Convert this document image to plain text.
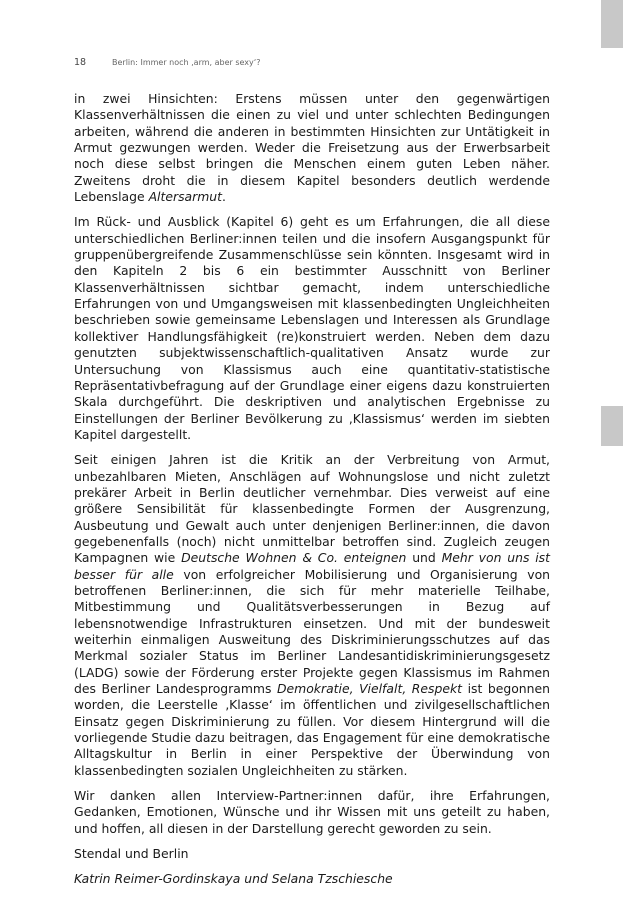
18	Berlin: Immer noch ‚arm, aber sexy‘?

in zwei Hinsichten: Erstens müssen unter den gegenwärtigen Klassenverhältnissen die einen zu viel und unter schlechten Bedingungen arbeiten, während die anderen in bestimmten Hinsichten zur Untätigkeit in Armut gezwungen werden. Weder die Freisetzung aus der Erwerbsarbeit noch diese selbst bringen die Menschen einem guten Leben näher. Zweitens droht die in diesem Kapitel besonders deutlich werdende Lebenslage Altersarmut.

Im Rück- und Ausblick (Kapitel 6) geht es um Erfahrungen, die all diese unterschiedlichen Berliner:innen teilen und die insofern Ausgangspunkt für gruppenübergreifende Zusammenschlüsse sein könnten. Insgesamt wird in den Kapiteln 2 bis 6 ein bestimmter Ausschnitt von Berliner Klassenverhältnissen sichtbar gemacht, indem unterschiedliche Erfahrungen von und Umgangsweisen mit klassenbedingten Ungleichheiten beschrieben sowie gemeinsame Lebenslagen und Interessen als Grundlage kollektiver Handlungsfähigkeit (re)konstruiert werden. Neben dem dazu genutzten subjektwissenschaftlich-qualitativen Ansatz wurde zur Untersuchung von Klassismus auch eine quantitativ-statistische Repräsentativbefragung auf der Grundlage einer eigens dazu konstruierten Skala durchgeführt. Die deskriptiven und analytischen Ergebnisse zu Einstellungen der Berliner Bevölkerung zu ‚Klassismus‘ werden im siebten Kapitel dargestellt.

Seit einigen Jahren ist die Kritik an der Verbreitung von Armut, unbezahlbaren Mieten, Anschlägen auf Wohnungslose und nicht zuletzt prekärer Arbeit in Berlin deutlicher vernehmbar. Dies verweist auf eine größere Sensibilität für klassenbedingte Formen der Ausgrenzung, Ausbeutung und Gewalt auch unter denjenigen Berliner:innen, die davon gegebenenfalls (noch) nicht unmittelbar betroffen sind. Zugleich zeugen Kampagnen wie Deutsche Wohnen & Co. enteignen und Mehr von uns ist besser für alle von erfolgreicher Mobilisierung und Organisierung von betroffenen Berliner:innen, die sich für mehr materielle Teilhabe, Mitbestimmung und Qualitätsverbesserungen in Bezug auf lebensnotwendige Infrastrukturen einsetzen. Und mit der bundesweit weiterhin einmaligen Ausweitung des Diskriminierungsschutzes auf das Merkmal sozialer Status im Berliner Landesantidiskriminierungsgesetz (LADG) sowie der Förderung erster Projekte gegen Klassismus im Rahmen des Berliner Landesprogramms Demokratie, Vielfalt, Respekt ist begonnen worden, die Leerstelle ‚Klasse‘ im öffentlichen und zivilgesellschaftlichen Einsatz gegen Diskriminierung zu füllen. Vor diesem Hintergrund will die vorliegende Studie dazu beitragen, das Engagement für eine demokratische Alltagskultur in Berlin in einer Perspektive der Überwindung von klassenbedingten sozialen Ungleichheiten zu stärken.

Wir danken allen Interview-Partner:innen dafür, ihre Erfahrungen, Gedanken, Emotionen, Wünsche und ihr Wissen mit uns geteilt zu haben, und hoffen, all diesen in der Darstellung gerecht geworden zu sein.

Stendal und Berlin

Katrin Reimer-Gordinskaya und Selana Tzschiesche
